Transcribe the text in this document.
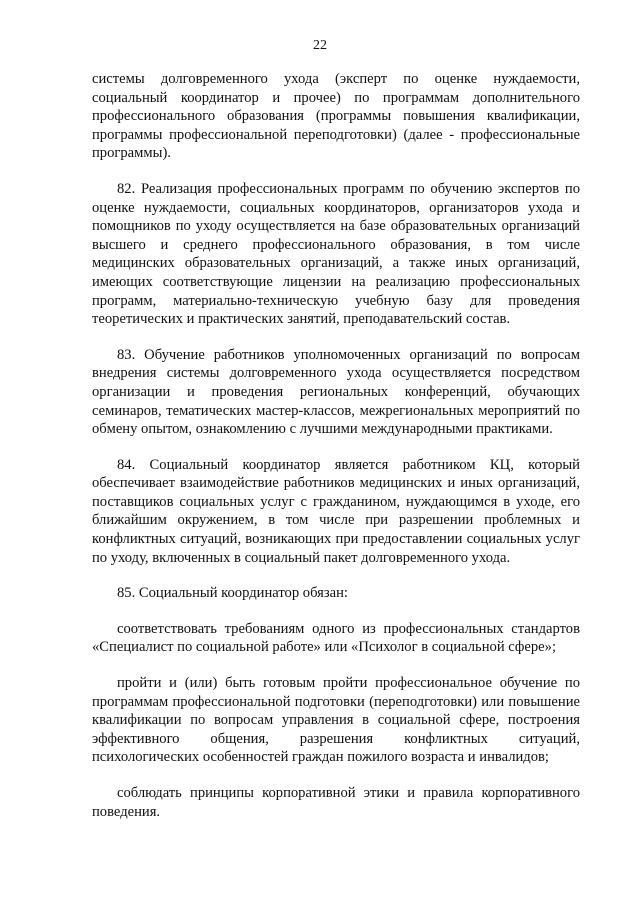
22

системы долговременного ухода (эксперт по оценке нуждаемости, социальный координатор и прочее) по программам дополнительного профессионального образования (программы повышения квалификации, программы профессиональной переподготовки) (далее - профессиональные программы).

82. Реализация профессиональных программ по обучению экспертов по оценке нуждаемости, социальных координаторов, организаторов ухода и помощников по уходу осуществляется на базе образовательных организаций высшего и среднего профессионального образования, в том числе медицинских образовательных организаций, а также иных организаций, имеющих соответствующие лицензии на реализацию профессиональных программ, материально-техническую учебную базу для проведения теоретических и практических занятий, преподавательский состав.

83. Обучение работников уполномоченных организаций по вопросам внедрения системы долговременного ухода осуществляется посредством организации и проведения региональных конференций, обучающих семинаров, тематических мастер-классов, межрегиональных мероприятий по обмену опытом, ознакомлению с лучшими международными практиками.

84. Социальный координатор является работником КЦ, который обеспечивает взаимодействие работников медицинских и иных организаций, поставщиков социальных услуг с гражданином, нуждающимся в уходе, его ближайшим окружением, в том числе при разрешении проблемных и конфликтных ситуаций, возникающих при предоставлении социальных услуг по уходу, включенных в социальный пакет долговременного ухода.

85. Социальный координатор обязан:

соответствовать требованиям одного из профессиональных стандартов «Специалист по социальной работе» или «Психолог в социальной сфере»;

пройти и (или) быть готовым пройти профессиональное обучение по программам профессиональной подготовки (переподготовки) или повышение квалификации по вопросам управления в социальной сфере, построения эффективного общения, разрешения конфликтных ситуаций, психологических особенностей граждан пожилого возраста и инвалидов;

соблюдать принципы корпоративной этики и правила корпоративного поведения.
